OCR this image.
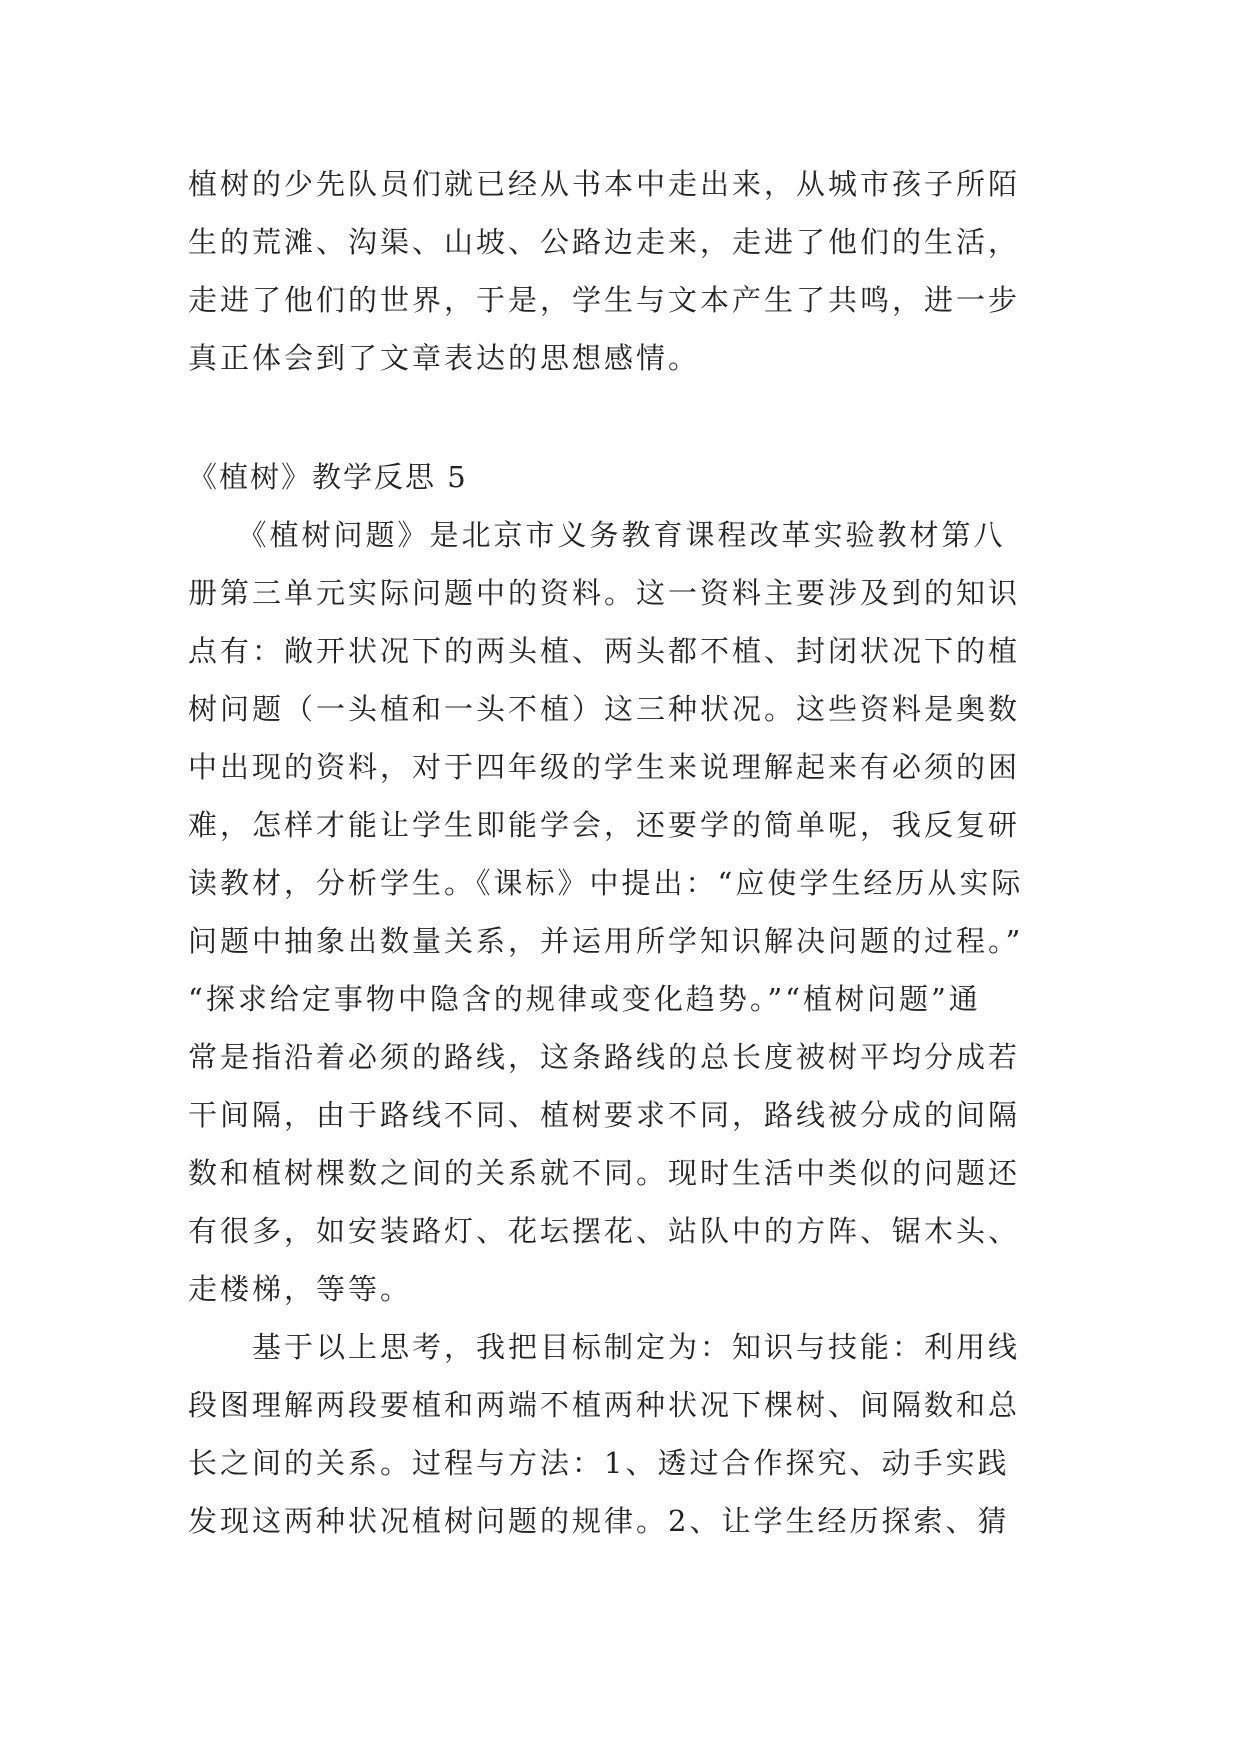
植树的少先队员们就已经从书本中走出来，从城市孩子所陌
生的荒滩、沟渠、山坡、公路边走来，走进了他们的生活，
走进了他们的世界，于是，学生与文本产生了共鸣，进一步
真正体会到了文章表达的思想感情。
《植树》教学反思 5
　　《植树问题》是北京市义务教育课程改革实验教材第八
册第三单元实际问题中的资料。这一资料主要涉及到的知识
点有：敞开状况下的两头植、两头都不植、封闭状况下的植
树问题（一头植和一头不植）这三种状况。这些资料是奥数
中出现的资料，对于四年级的学生来说理解起来有必须的困
难，怎样才能让学生即能学会，还要学的简单呢，我反复研
读教材，分析学生。《课标》中提出：“应使学生经历从实际
问题中抽象出数量关系，并运用所学知识解决问题的过程。”
“探求给定事物中隐含的规律或变化趋势。”“植树问题”通
常是指沿着必须的路线，这条路线的总长度被树平均分成若
干间隔，由于路线不同、植树要求不同，路线被分成的间隔
数和植树棵数之间的关系就不同。现时生活中类似的问题还
有很多，如安装路灯、花坛摆花、站队中的方阵、锯木头、
走楼梯，等等。
　　基于以上思考，我把目标制定为：知识与技能：利用线
段图理解两段要植和两端不植两种状况下棵树、间隔数和总
长之间的关系。过程与方法：1、透过合作探究、动手实践
发现这两种状况植树问题的规律。2、让学生经历探索、猜
